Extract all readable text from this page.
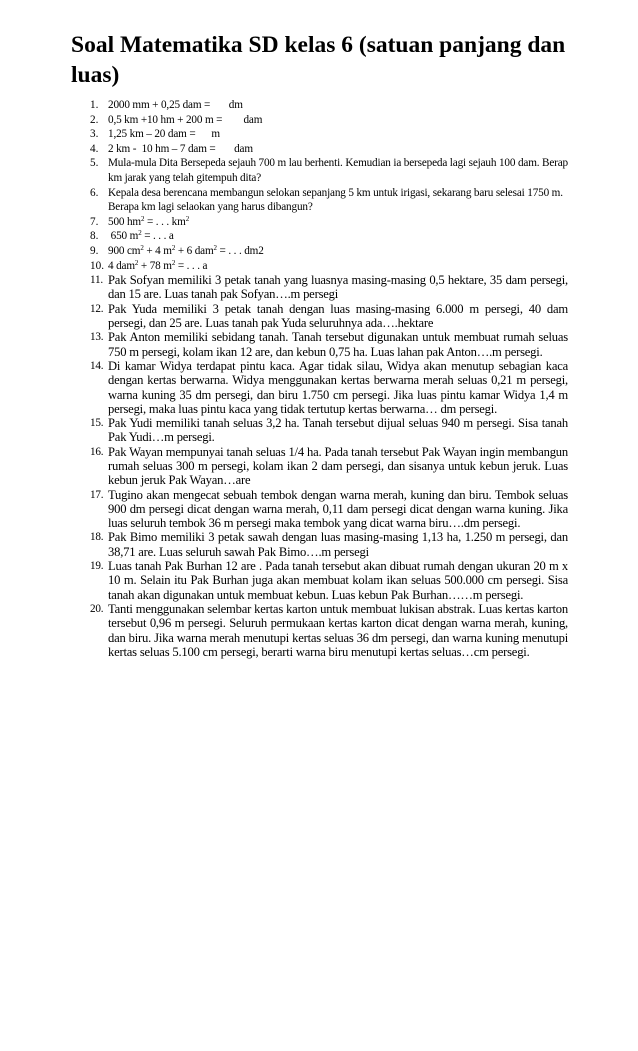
Soal Matematika SD kelas 6 (satuan panjang dan luas)
1. 2000 mm + 0,25 dam =       dm
2. 0,5 km +10 hm + 200 m =        dam
3. 1,25 km – 20 dam =      m
4. 2 km -  10 hm – 7 dam =       dam
5. Mula-mula Dita Bersepeda sejauh 700 m lau berhenti. Kemudian ia bersepeda lagi sejauh 100 dam. Berap km jarak yang telah gitempuh dita?
6. Kepala desa berencana membangun selokan sepanjang 5 km untuk irigasi, sekarang baru selesai 1750 m. Berapa km lagi selaokan yang harus dibangun?
7. 500 $hm^2$ = . . . $km^2$
8. 650 $m^2$ = . . . a
9. 900 $cm^2 + 4$ $m^2 + 6$ dam$^2$ = . . . dm2
10. 4 dam$^2$ + 78 $m^2$ = . . . a
11. Pak Sofyan memiliki 3 petak tanah yang luasnya masing-masing 0,5 hektare, 35 dam persegi, dan 15 are. Luas tanah pak Sofyan….m persegi
12. Pak Yuda memiliki 3 petak tanah dengan luas masing-masing 6.000 m persegi, 40 dam persegi, dan 25 are. Luas tanah pak Yuda seluruhnya ada….hektare
13. Pak Anton memiliki sebidang tanah. Tanah tersebut digunakan untuk membuat rumah seluas 750 m persegi, kolam ikan 12 are, dan kebun 0,75 ha. Luas lahan pak Anton….m persegi.
14. Di kamar Widya terdapat pintu kaca. Agar tidak silau, Widya akan menutup sebagian kaca dengan kertas berwarna. Widya menggunakan kertas berwarna merah seluas 0,21 m persegi, warna kuning 35 dm persegi, dan biru 1.750 cm persegi. Jika luas pintu kamar Widya 1,4 m persegi, maka luas pintu kaca yang tidak tertutup kertas berwarna… dm persegi.
15. Pak Yudi memiliki tanah seluas 3,2 ha. Tanah tersebut dijual seluas 940 m persegi. Sisa tanah Pak Yudi…m persegi.
16. Pak Wayan mempunyai tanah seluas 1/4 ha. Pada tanah tersebut Pak Wayan ingin membangun rumah seluas 300 m persegi, kolam ikan 2 dam persegi, dan sisanya untuk kebun jeruk. Luas kebun jeruk Pak Wayan…are
17. Tugino akan mengecat sebuah tembok dengan warna merah, kuning dan biru. Tembok seluas 900 dm persegi dicat dengan warna merah, 0,11 dam persegi dicat dengan warna kuning. Jika luas seluruh tembok 36 m persegi maka tembok yang dicat warna biru….dm persegi.
18. Pak Bimo memiliki 3 petak sawah dengan luas masing-masing 1,13 ha, 1.250 m persegi, dan 38,71 are. Luas seluruh sawah Pak Bimo….m persegi
19. Luas tanah Pak Burhan 12 are . Pada tanah tersebut akan dibuat rumah dengan ukuran 20 m x 10 m. Selain itu Pak Burhan juga akan membuat kolam ikan seluas 500.000 cm persegi. Sisa tanah akan digunakan untuk membuat kebun. Luas kebun Pak Burhan……m persegi.
20. Tanti menggunakan selembar kertas karton untuk membuat lukisan abstrak. Luas kertas karton tersebut 0,96 m persegi. Seluruh permukaan kertas karton dicat dengan warna merah, kuning, dan biru. Jika warna merah menutupi kertas seluas 36 dm persegi, dan warna kuning menutupi kertas seluas 5.100 cm persegi, berarti warna biru menutupi kertas seluas…cm persegi.
